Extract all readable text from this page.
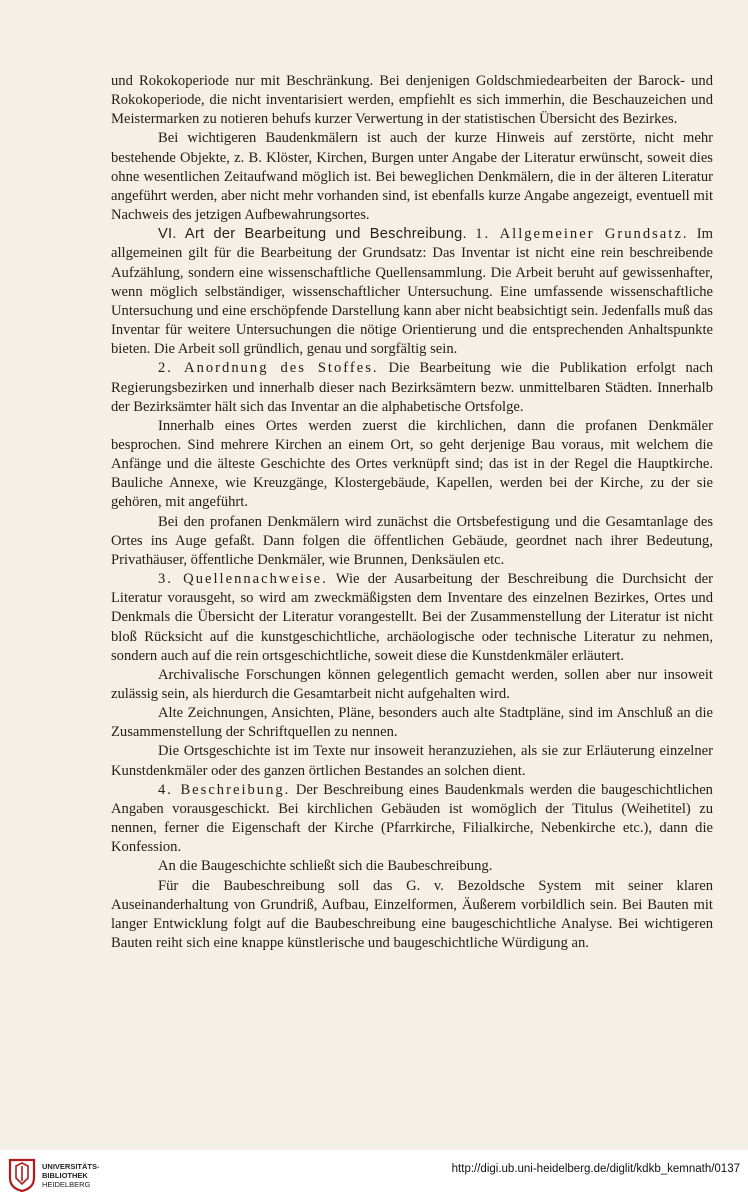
und Rokokoperiode nur mit Beschränkung. Bei denjenigen Goldschmiedearbeiten der Barock- und Rokokoperiode, die nicht inventarisiert werden, empfiehlt es sich immerhin, die Beschauzeichen und Meistermarken zu notieren behufs kurzer Verwertung in der statistischen Übersicht des Bezirkes.

Bei wichtigeren Baudenkmälern ist auch der kurze Hinweis auf zerstörte, nicht mehr bestehende Objekte, z. B. Klöster, Kirchen, Burgen unter Angabe der Literatur erwünscht, soweit dies ohne wesentlichen Zeitaufwand möglich ist. Bei beweglichen Denkmälern, die in der älteren Literatur angeführt werden, aber nicht mehr vorhanden sind, ist ebenfalls kurze Angabe angezeigt, eventuell mit Nachweis des jetzigen Aufbewahrungsortes.

VI. Art der Bearbeitung und Beschreibung. 1. Allgemeiner Grundsatz. Im allgemeinen gilt für die Bearbeitung der Grundsatz: Das Inventar ist nicht eine rein beschreibende Aufzählung, sondern eine wissenschaftliche Quellensammlung. Die Arbeit beruht auf gewissenhafter, wenn möglich selbständiger, wissenschaftlicher Untersuchung. Eine umfassende wissenschaftliche Untersuchung und eine erschöpfende Darstellung kann aber nicht beabsichtigt sein. Jedenfalls muß das Inventar für weitere Untersuchungen die nötige Orientierung und die entsprechenden Anhaltspunkte bieten. Die Arbeit soll gründlich, genau und sorgfältig sein.

2. Anordnung des Stoffes. Die Bearbeitung wie die Publikation erfolgt nach Regierungsbezirken und innerhalb dieser nach Bezirksämtern bezw. unmittelbaren Städten. Innerhalb der Bezirksämter hält sich das Inventar an die alphabetische Ortsfolge.

Innerhalb eines Ortes werden zuerst die kirchlichen, dann die profanen Denkmäler besprochen. Sind mehrere Kirchen an einem Ort, so geht derjenige Bau voraus, mit welchem die Anfänge und die älteste Geschichte des Ortes verknüpft sind; das ist in der Regel die Hauptkirche. Bauliche Annexe, wie Kreuzgänge, Klostergebäude, Kapellen, werden bei der Kirche, zu der sie gehören, mit angeführt.

Bei den profanen Denkmälern wird zunächst die Ortsbefestigung und die Gesamtanlage des Ortes ins Auge gefaßt. Dann folgen die öffentlichen Gebäude, geordnet nach ihrer Bedeutung, Privathäuser, öffentliche Denkmäler, wie Brunnen, Denksäulen etc.

3. Quellennachweise. Wie der Ausarbeitung der Beschreibung die Durchsicht der Literatur vorausgeht, so wird am zweckmäßigsten dem Inventare des einzelnen Bezirkes, Ortes und Denkmals die Übersicht der Literatur vorangestellt. Bei der Zusammenstellung der Literatur ist nicht bloß Rücksicht auf die kunstgeschichtliche, archäologische oder technische Literatur zu nehmen, sondern auch auf die rein ortsgeschichtliche, soweit diese die Kunstdenkmäler erläutert.

Archivalische Forschungen können gelegentlich gemacht werden, sollen aber nur insoweit zulässig sein, als hierdurch die Gesamtarbeit nicht aufgehalten wird.

Alte Zeichnungen, Ansichten, Pläne, besonders auch alte Stadtpläne, sind im Anschluß an die Zusammenstellung der Schriftquellen zu nennen.

Die Ortsgeschichte ist im Texte nur insoweit heranzuziehen, als sie zur Erläuterung einzelner Kunstdenkmäler oder des ganzen örtlichen Bestandes an solchen dient.

4. Beschreibung. Der Beschreibung eines Baudenkmals werden die baugeschichtlichen Angaben vorausgeschickt. Bei kirchlichen Gebäuden ist womöglich der Titulus (Weihetitel) zu nennen, ferner die Eigenschaft der Kirche (Pfarrkirche, Filialkirche, Nebenkirche etc.), dann die Konfession.

An die Baugeschichte schließt sich die Baubeschreibung.

Für die Baubeschreibung soll das G. v. Bezoldsche System mit seiner klaren Auseinanderhaltung von Grundriß, Aufbau, Einzelformen, Äußerem vorbildlich sein. Bei Bauten mit langer Entwicklung folgt auf die Baubeschreibung eine baugeschichtliche Analyse. Bei wichtigeren Bauten reiht sich eine knappe künstlerische und baugeschichtliche Würdigung an.

UNIVERSITÄTS-
BIBLIOTHEK
HEIDELBERG
http://digi.ub.uni-heidelberg.de/diglit/kdkb_kemnath/0137
